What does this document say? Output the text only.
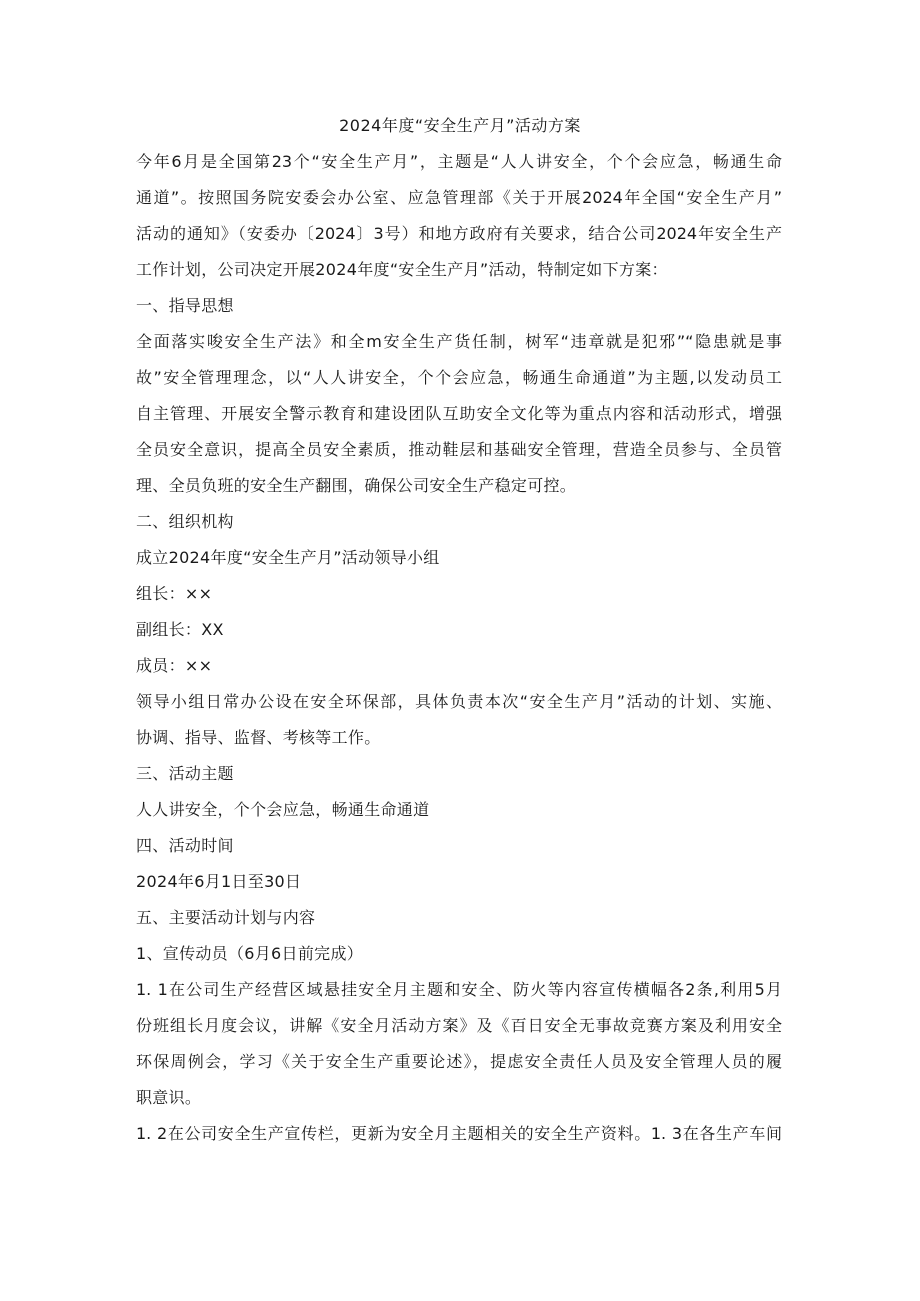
2024年度“安全生产月”活动方案
今年6月是全国第23个“安全生产月”，主题是“人人讲安全，个个会应急，畅通生命
通道”。按照国务院安委会办公室、应急管理部《关于开展2024年全国“安全生产月”
活动的通知》（安委办〔2024〕3号）和地方政府有关要求，结合公司2024年安全生产
工作计划，公司决定开展2024年度“安全生产月”活动，特制定如下方案：
一、指导思想
全面落实唆安全生产法》和全m安全生产货任制，树军“违章就是犯邪”“隐患就是事
故”安全管理理念，以“人人讲安全，个个会应急，畅通生命通道”为主题,以发动员工
自主管理、开展安全警示教育和建设团队互助安全文化等为重点内容和活动形式，增强
全员安全意识，提高全员安全素质，推动鞋层和基础安全管理，营造全员参与、全员管
理、全员负班的安全生产翻围，确保公司安全生产稳定可控。
二、组织机构
成立2024年度“安全生产月”活动领导小组
组长：××
副组长：XX
成员：××
领导小组日常办公设在安全环保部，具体负责本次“安全生产月”活动的计划、实施、
协调、指导、监督、考核等工作。
三、活动主题
人人讲安全，个个会应急，畅通生命通道
四、活动时间
2024年6月1日至30日
五、主要活动计划与内容
1、宣传动员（6月6日前完成）
1. 1在公司生产经营区域悬挂安全月主题和安全、防火等内容宣传横幅各2条,利用5月
份班组长月度会议，讲解《安全月活动方案》及《百日安全无事故竞赛方案及利用安全
环保周例会，学习《关于安全生产重要论述》，提虑安全责任人员及安全管理人员的履
职意识。
1. 2在公司安全生产宣传栏，更新为安全月主题相关的安全生产资料。1. 3在各生产车间
